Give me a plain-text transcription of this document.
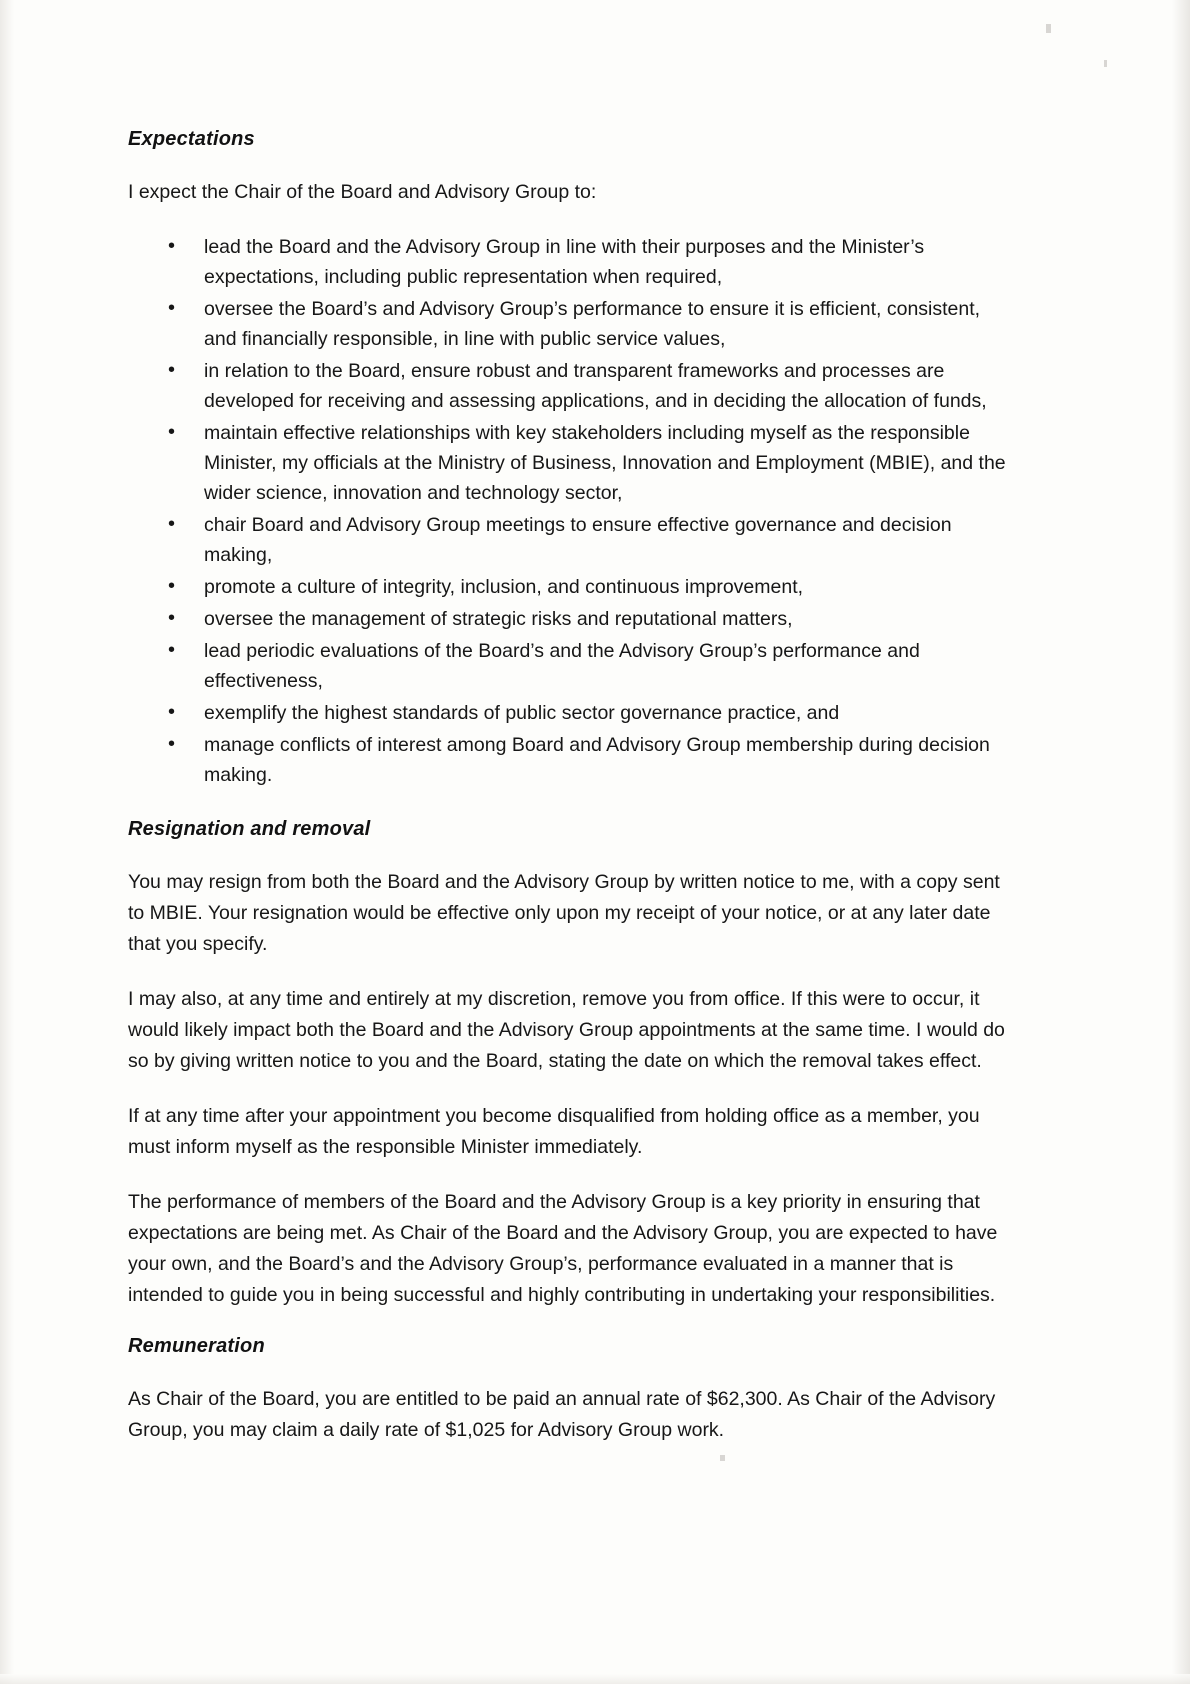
Expectations

I expect the Chair of the Board and Advisory Group to:

• lead the Board and the Advisory Group in line with their purposes and the Minister’s expectations, including public representation when required,
• oversee the Board’s and Advisory Group’s performance to ensure it is efficient, consistent, and financially responsible, in line with public service values,
• in relation to the Board, ensure robust and transparent frameworks and processes are developed for receiving and assessing applications, and in deciding the allocation of funds,
• maintain effective relationships with key stakeholders including myself as the responsible Minister, my officials at the Ministry of Business, Innovation and Employment (MBIE), and the wider science, innovation and technology sector,
• chair Board and Advisory Group meetings to ensure effective governance and decision making,
• promote a culture of integrity, inclusion, and continuous improvement,
• oversee the management of strategic risks and reputational matters,
• lead periodic evaluations of the Board’s and the Advisory Group’s performance and effectiveness,
• exemplify the highest standards of public sector governance practice, and
• manage conflicts of interest among Board and Advisory Group membership during decision making.
Resignation and removal

You may resign from both the Board and the Advisory Group by written notice to me, with a copy sent to MBIE. Your resignation would be effective only upon my receipt of your notice, or at any later date that you specify.

I may also, at any time and entirely at my discretion, remove you from office. If this were to occur, it would likely impact both the Board and the Advisory Group appointments at the same time. I would do so by giving written notice to you and the Board, stating the date on which the removal takes effect.

If at any time after your appointment you become disqualified from holding office as a member, you must inform myself as the responsible Minister immediately.

The performance of members of the Board and the Advisory Group is a key priority in ensuring that expectations are being met. As Chair of the Board and the Advisory Group, you are expected to have your own, and the Board’s and the Advisory Group’s, performance evaluated in a manner that is intended to guide you in being successful and highly contributing in undertaking your responsibilities.

Remuneration

As Chair of the Board, you are entitled to be paid an annual rate of $62,300. As Chair of the Advisory Group, you may claim a daily rate of $1,025 for Advisory Group work.
